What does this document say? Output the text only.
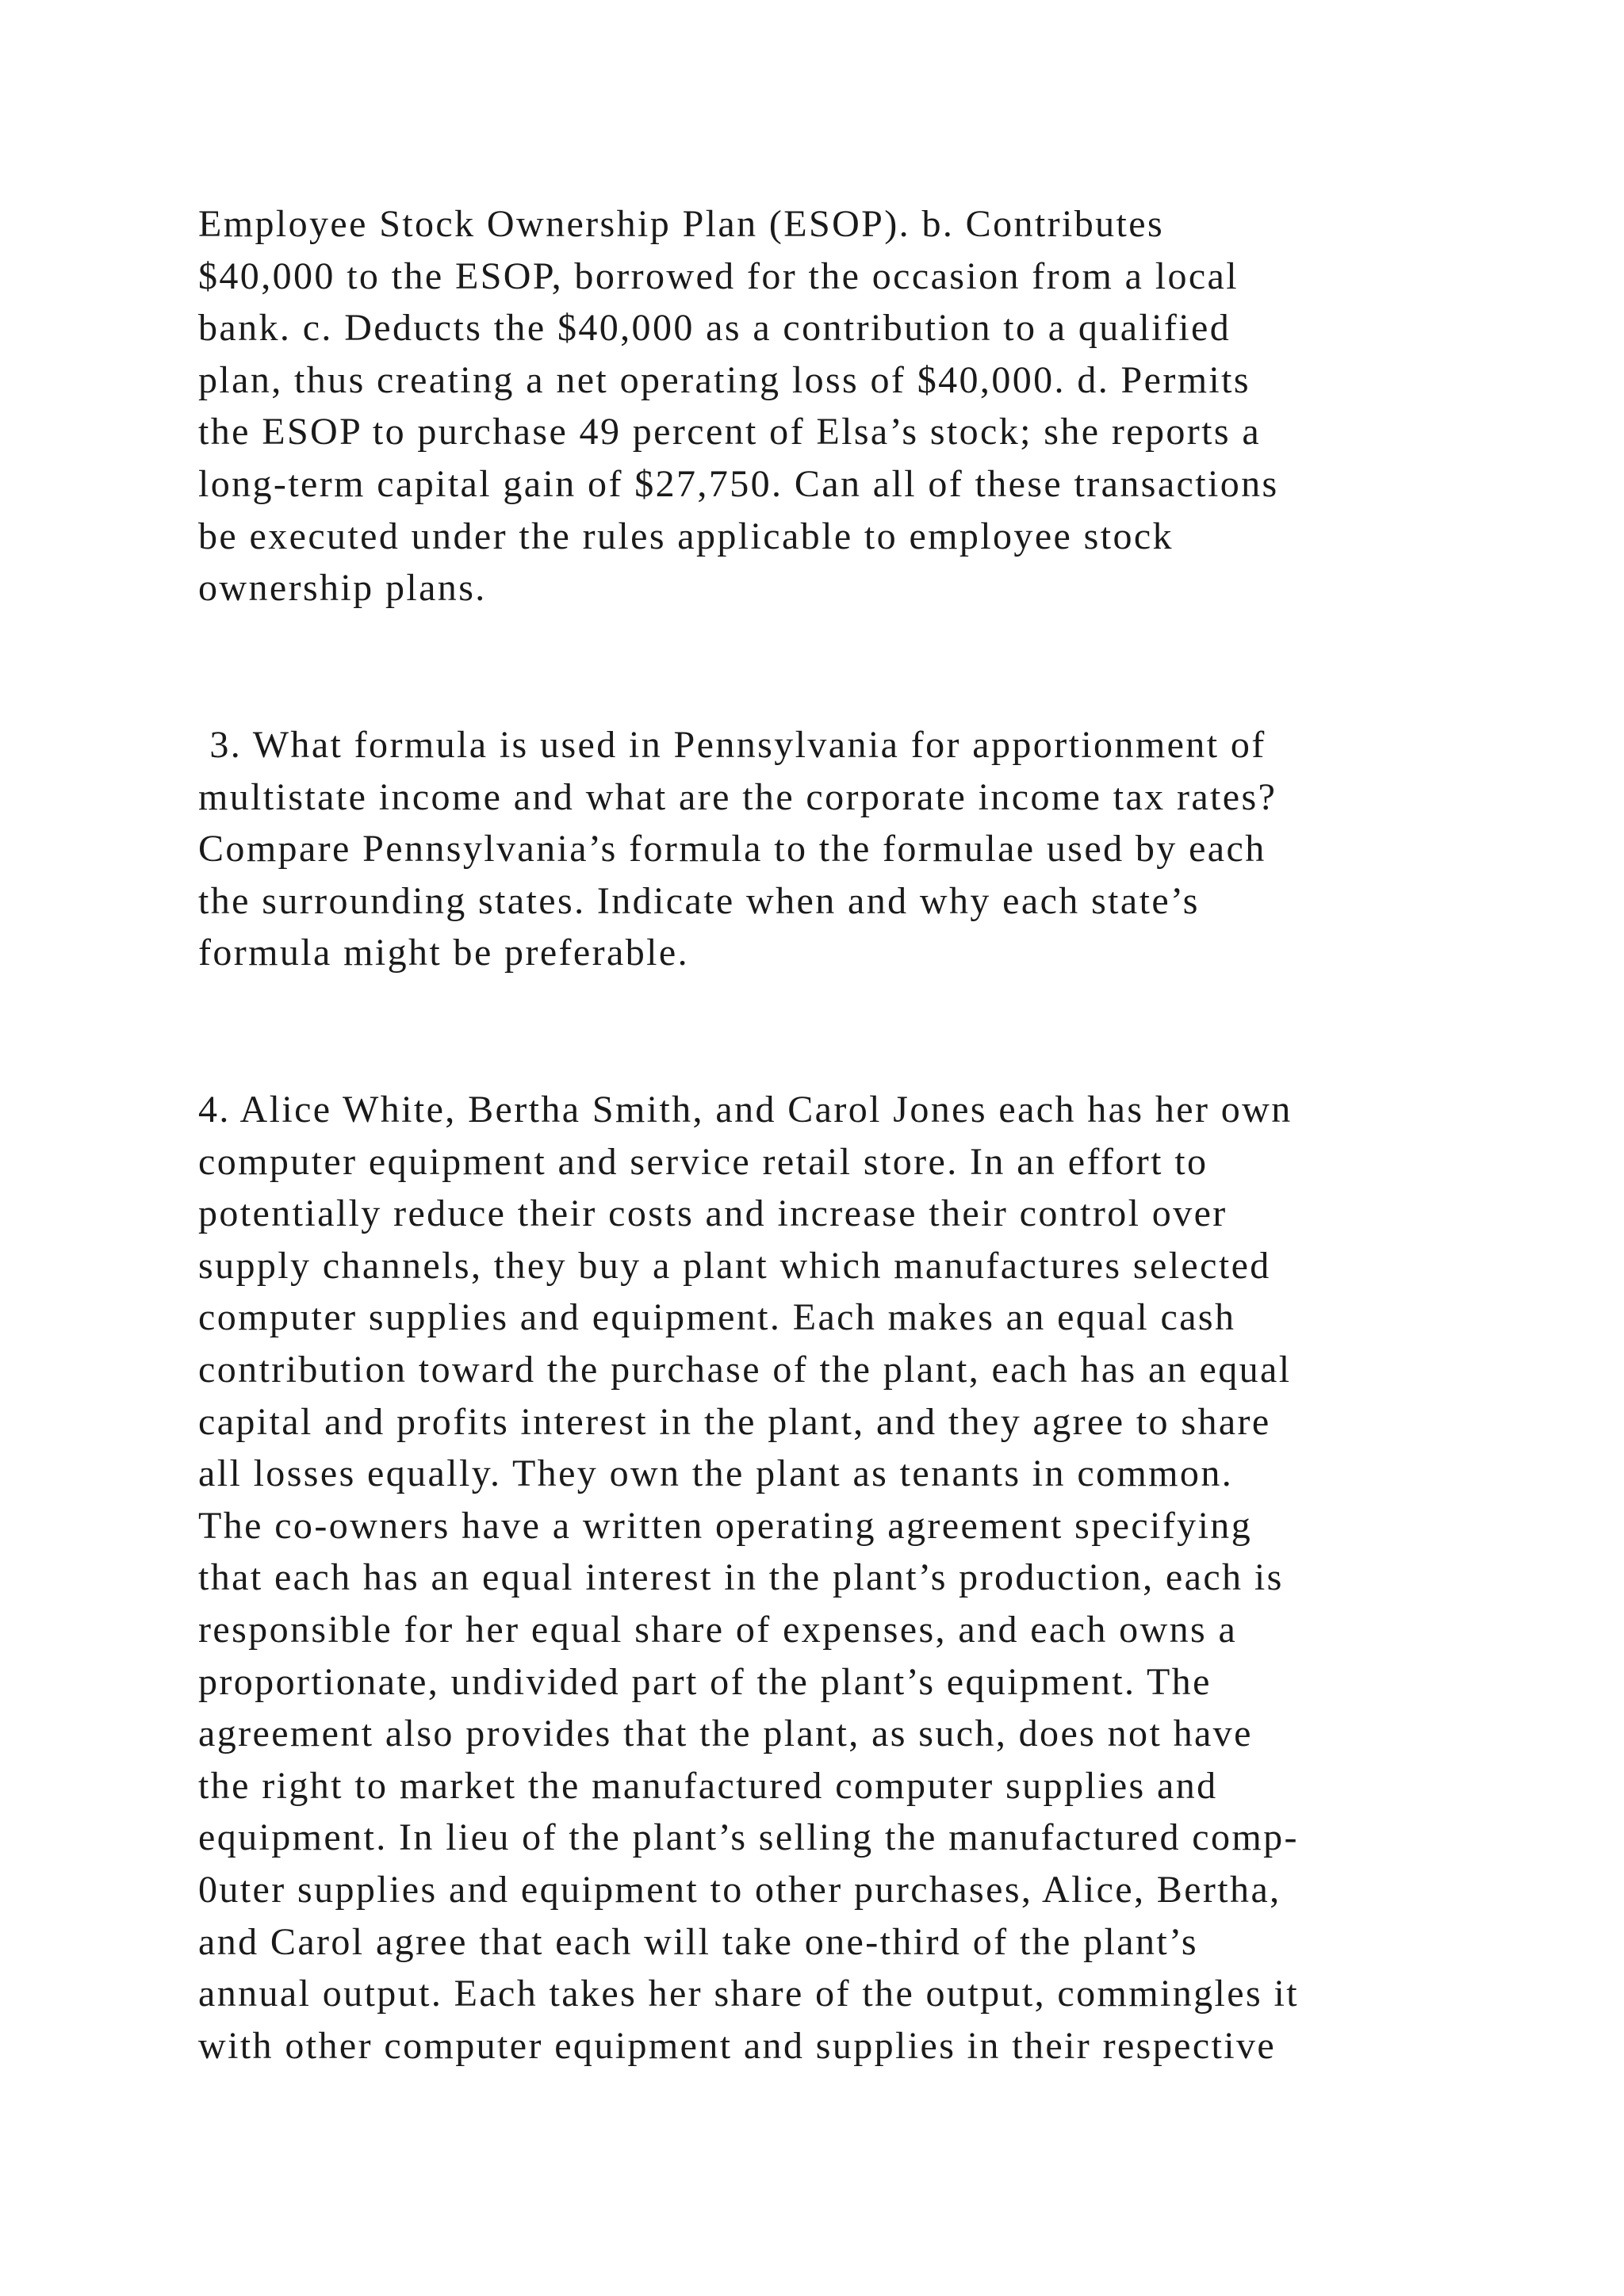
Employee Stock Ownership Plan (ESOP). b. Contributes
$40,000 to the ESOP, borrowed for the occasion from a local
bank. c. Deducts the $40,000 as a contribution to a qualified
plan, thus creating a net operating loss of $40,000. d. Permits
the ESOP to purchase 49 percent of Elsa’s stock; she reports a
long-term capital gain of $27,750. Can all of these transactions
be executed under the rules applicable to employee stock
ownership plans.

3. What formula is used in Pennsylvania for apportionment of
multistate income and what are the corporate income tax rates?
Compare Pennsylvania’s formula to the formulae used by each
the surrounding states. Indicate when and why each state’s
formula might be preferable.

4. Alice White, Bertha Smith, and Carol Jones each has her own
computer equipment and service retail store. In an effort to
potentially reduce their costs and increase their control over
supply channels, they buy a plant which manufactures selected
computer supplies and equipment. Each makes an equal cash
contribution toward the purchase of the plant, each has an equal
capital and profits interest in the plant, and they agree to share
all losses equally. They own the plant as tenants in common.
The co-owners have a written operating agreement specifying
that each has an equal interest in the plant’s production, each is
responsible for her equal share of expenses, and each owns a
proportionate, undivided part of the plant’s equipment. The
agreement also provides that the plant, as such, does not have
the right to market the manufactured computer supplies and
equipment. In lieu of the plant’s selling the manufactured comp-
0uter supplies and equipment to other purchases, Alice, Bertha,
and Carol agree that each will take one-third of the plant’s
annual output. Each takes her share of the output, commingles it
with other computer equipment and supplies in their respective
